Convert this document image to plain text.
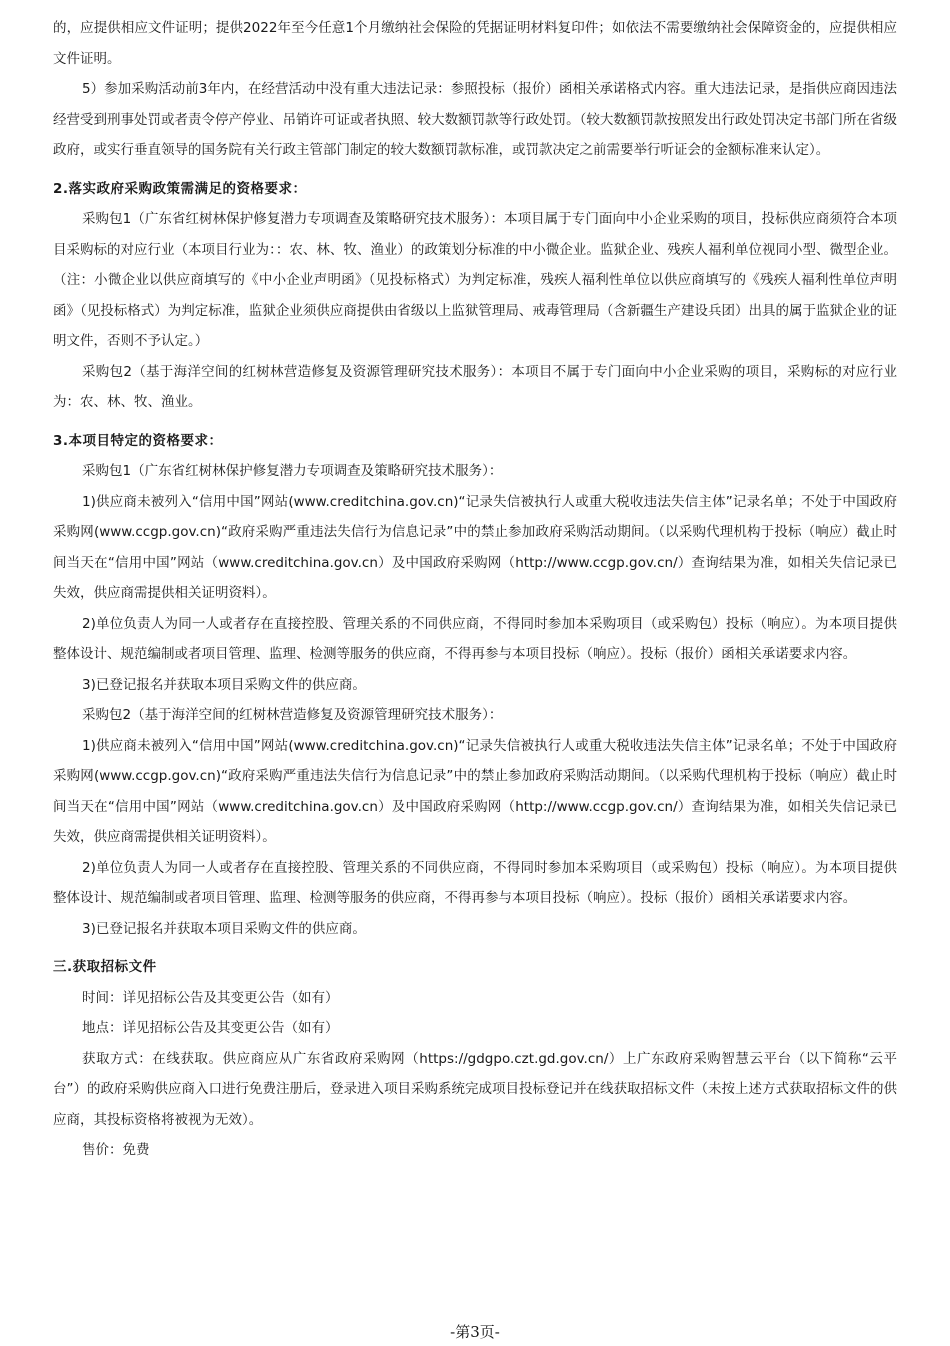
的，应提供相应文件证明；提供2022年至今任意1个月缴纳社会保险的凭据证明材料复印件；如依法不需要缴纳社会保障资金的，应提供相应文件证明。

5）参加采购活动前3年内，在经营活动中没有重大违法记录：参照投标（报价）函相关承诺格式内容。重大违法记录，是指供应商因违法经营受到刑事处罚或者责令停产停业、吊销许可证或者执照、较大数额罚款等行政处罚。（较大数额罚款按照发出行政处罚决定书部门所在省级政府，或实行垂直领导的国务院有关行政主管部门制定的较大数额罚款标准，或罚款决定之前需要举行听证会的金额标准来认定）。

2.落实政府采购政策需满足的资格要求：

采购包1（广东省红树林保护修复潜力专项调查及策略研究技术服务）：本项目属于专门面向中小企业采购的项目，投标供应商须符合本项目采购标的对应行业（本项目行业为：：农、林、牧、渔业）的政策划分标准的中小微企业。监狱企业、残疾人福利单位视同小型、微型企业。（注：小微企业以供应商填写的《中小企业声明函》（见投标格式）为判定标准，残疾人福利性单位以供应商填写的《残疾人福利性单位声明函》（见投标格式）为判定标准，监狱企业须供应商提供由省级以上监狱管理局、戒毒管理局（含新疆生产建设兵团）出具的属于监狱企业的证明文件，否则不予认定。）

采购包2（基于海洋空间的红树林营造修复及资源管理研究技术服务）：本项目不属于专门面向中小企业采购的项目，采购标的对应行业为：农、林、牧、渔业。

3.本项目特定的资格要求：

采购包1（广东省红树林保护修复潜力专项调查及策略研究技术服务）：

1)供应商未被列入“信用中国”网站(www.creditchina.gov.cn)“记录失信被执行人或重大税收违法失信主体”记录名单；不处于中国政府采购网(www.ccgp.gov.cn)“政府采购严重违法失信行为信息记录”中的禁止参加政府采购活动期间。（以采购代理机构于投标（响应）截止时间当天在“信用中国”网站（www.creditchina.gov.cn）及中国政府采购网（http://www.ccgp.gov.cn/）查询结果为准，如相关失信记录已失效，供应商需提供相关证明资料）。

2)单位负责人为同一人或者存在直接控股、管理关系的不同供应商，不得同时参加本采购项目（或采购包）投标（响应）。为本项目提供整体设计、规范编制或者项目管理、监理、检测等服务的供应商，不得再参与本项目投标（响应）。投标（报价）函相关承诺要求内容。

3)已登记报名并获取本项目采购文件的供应商。

采购包2（基于海洋空间的红树林营造修复及资源管理研究技术服务）：

1)供应商未被列入“信用中国”网站(www.creditchina.gov.cn)“记录失信被执行人或重大税收违法失信主体”记录名单；不处于中国政府采购网(www.ccgp.gov.cn)“政府采购严重违法失信行为信息记录”中的禁止参加政府采购活动期间。（以采购代理机构于投标（响应）截止时间当天在“信用中国”网站（www.creditchina.gov.cn）及中国政府采购网（http://www.ccgp.gov.cn/）查询结果为准，如相关失信记录已失效，供应商需提供相关证明资料）。

2)单位负责人为同一人或者存在直接控股、管理关系的不同供应商，不得同时参加本采购项目（或采购包）投标（响应）。为本项目提供整体设计、规范编制或者项目管理、监理、检测等服务的供应商，不得再参与本项目投标（响应）。投标（报价）函相关承诺要求内容。

3)已登记报名并获取本项目采购文件的供应商。

三.获取招标文件

时间：详见招标公告及其变更公告（如有）

地点：详见招标公告及其变更公告（如有）

获取方式：在线获取。供应商应从广东省政府采购网（https://gdgpo.czt.gd.gov.cn/）上广东政府采购智慧云平台（以下简称“云平台”）的政府采购供应商入口进行免费注册后，登录进入项目采购系统完成项目投标登记并在线获取招标文件（未按上述方式获取招标文件的供应商，其投标资格将被视为无效）。

售价：免费

-第3页-
